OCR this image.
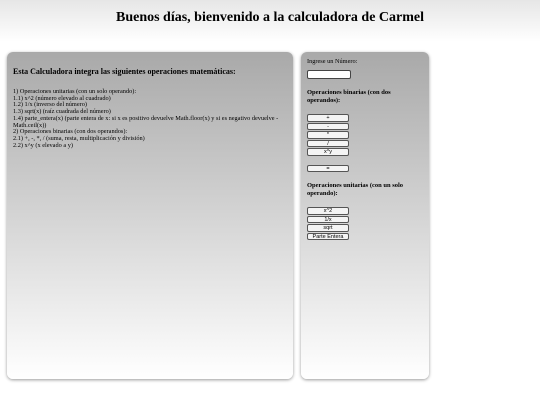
Buenos días, bienvenido a la calculadora de Carmel

Esta Calculadora integra las siguientes operaciones matemáticas:

1) Operaciones unitarias (con un solo operando):
1.1) x^2 (número elevado al cuadrado)
1.2) 1/x (inverso del número)
1.3) sqrt(x) (raíz cuadrada del número)
1.4) parte_entera(x) (parte entera de x: si x es positivo devuelve Math.floor(x) y si es negativo devuelve -Math.ceil(x))
2) Operaciones binarias (con dos operandos):
2.1) +, -, *, / (suma, resta, multiplicación y división)
2.2) x^y (x elevado a y)
Ingrese un Número:
Operaciones binarias (con dos operandos):
+
-
*
/
x^y
=
Operaciones unitarias (con un solo operando):
x^2
1/x
sqrt
Parte Entera
